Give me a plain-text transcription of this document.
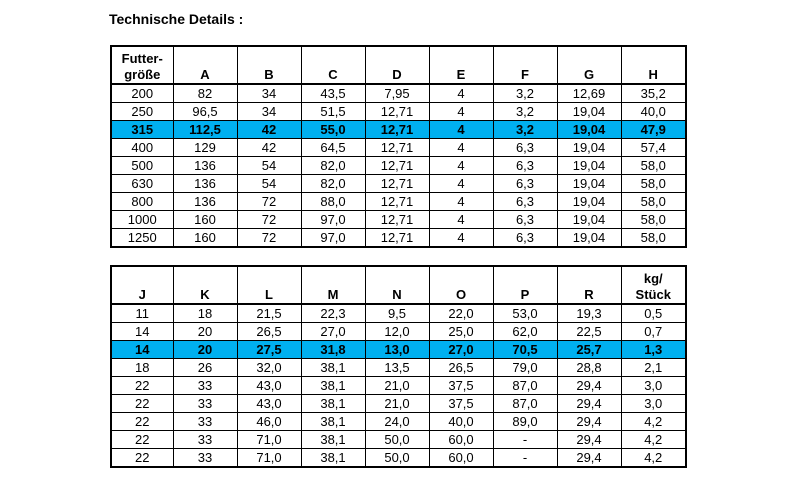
Technische Details :
Futter-
größe	A	B	C	D	E	F	G	H
200	82	34	43,5	7,95	4	3,2	12,69	35,2
250	96,5	34	51,5	12,71	4	3,2	19,04	40,0
315	112,5	42	55,0	12,71	4	3,2	19,04	47,9
400	129	42	64,5	12,71	4	6,3	19,04	57,4
500	136	54	82,0	12,71	4	6,3	19,04	58,0
630	136	54	82,0	12,71	4	6,3	19,04	58,0
800	136	72	88,0	12,71	4	6,3	19,04	58,0
1000	160	72	97,0	12,71	4	6,3	19,04	58,0
1250	160	72	97,0	12,71	4	6,3	19,04	58,0
J	K	L	M	N	O	P	R	kg/
Stück

11	18	21,5	22,3	9,5	22,0	53,0	19,3	0,5
14	20	26,5	27,0	12,0	25,0	62,0	22,5	0,7
14	20	27,5	31,8	13,0	27,0	70,5	25,7	1,3
18	26	32,0	38,1	13,5	26,5	79,0	28,8	2,1
22	33	43,0	38,1	21,0	37,5	87,0	29,4	3,0
22	33	43,0	38,1	21,0	37,5	87,0	29,4	3,0
22	33	46,0	38,1	24,0	40,0	89,0	29,4	4,2
22	33	71,0	38,1	50,0	60,0	-	29,4	4,2
22	33	71,0	38,1	50,0	60,0	-	29,4	4,2
